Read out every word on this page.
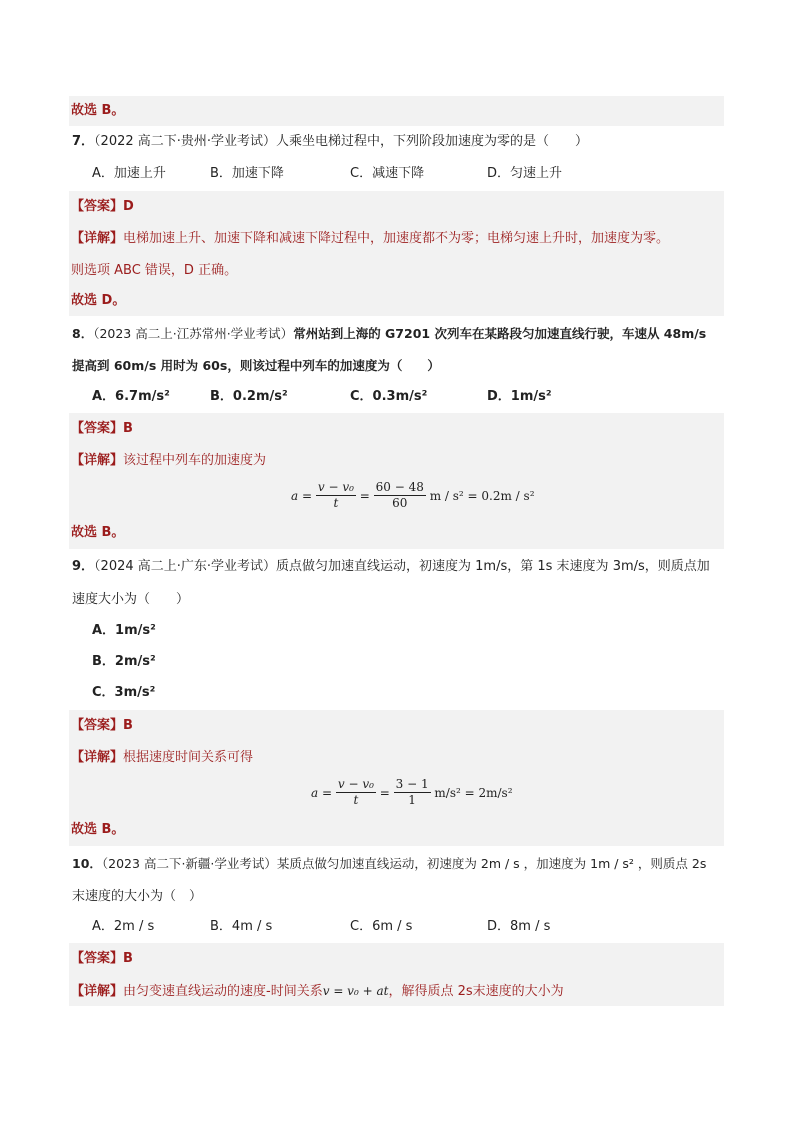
故选 B。
7．（2022 高二下·贵州·学业考试）人乘坐电梯过程中，下列阶段加速度为零的是（　　）
A．加速上升	B．加速下降	C．减速下降	D．匀速上升
【答案】D
【详解】电梯加速上升、加速下降和减速下降过程中，加速度都不为零；电梯匀速上升时，加速度为零。
则选项 ABC 错误，D 正确。
故选 D。
8．（2023 高二上·江苏常州·学业考试）常州站到上海的 G7201 次列车在某路段匀加速直线行驶，车速从 48m/s
提高到 60m/s 用时为 60s，则该过程中列车的加速度为（　　）
A．6.7m/s²	B．0.2m/s²	C．0.3m/s²	D．1m/s²
【答案】B
【详解】该过程中列车的加速度为
$a = \frac{\text{v − v₀}}{t} = \frac{60 - 48}{60}$ m / s² = 0.2m / s²
故选 B。
9．（2024 高二上·广东·学业考试）质点做匀加速直线运动，初速度为 1m/s，第 1s 末速度为 3m/s，则质点加
速度大小为（　　）
A．1m/s²
B．2m/s²
C．3m/s²
【答案】B
【详解】根据速度时间关系可得
$a = \frac{\text{v − v₀}}{t} = \frac{3 - 1}{1} m/s^2 = 2m/s^2$
故选 B。
10．（2023 高二下·新疆·学业考试）某质点做匀加速直线运动，初速度为 2m / s ，加速度为 1m / s² ，则质点 2s
末速度的大小为（　）
A．2m / s	B．4m / s	C．6m / s	D．8m / s
【答案】B
【详解】由匀变速直线运动的速度-时间关系v = v₀ + at，解得质点 2s末速度的大小为
